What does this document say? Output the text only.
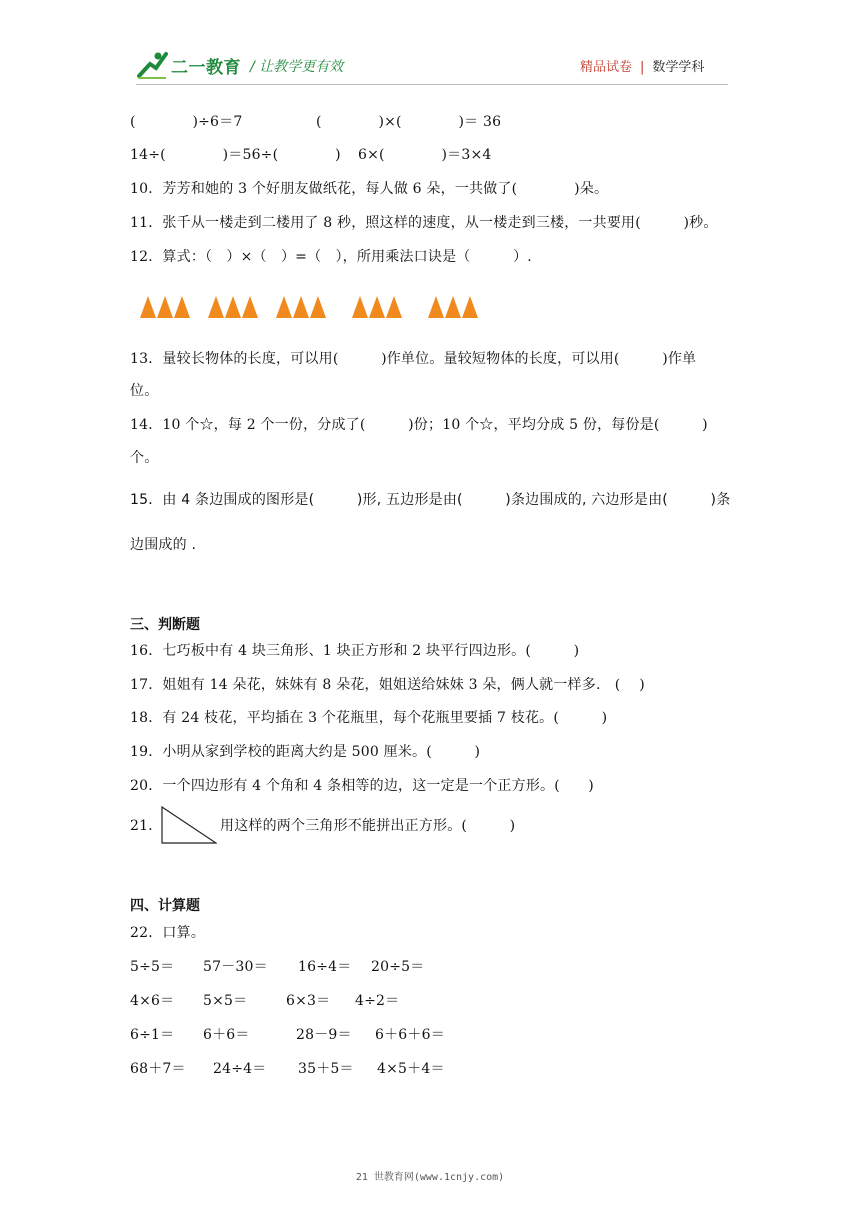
二一教育 / 让教学更有效	精品试卷 | 数学学科
(　　　　)÷6＝7	(　　　　)×(　　　　)＝ 36
14÷(　　　　)＝56÷(　　　　) 6×(　　　　)＝3×4
10．芳芳和她的 3 个好朋友做纸花，每人做 6 朵，一共做了(　　　　)朵。
11．张千从一楼走到二楼用了 8 秒，照这样的速度，从一楼走到三楼，一共要用(　　　)秒。
12．算式：（　）×（　）=（　），所用乘法口诀是（　　　）.
13．量较长物体的长度，可以用(　　　)作单位。量较短物体的长度，可以用(　　　)作单
位。
14．10 个☆，每 2 个一份，分成了(　　　)份；10 个☆，平均分成 5 份，每份是(　　　)
个。
15．由 4 条边围成的图形是(　　　)形, 五边形是由(　　　)条边围成的, 六边形是由(　　　)条
边围成的 .
三、判断题
16．七巧板中有 4 块三角形、1 块正方形和 2 块平行四边形。(　　　)
17．姐姐有 14 朵花，妹妹有 8 朵花，姐姐送给妹妹 3 朵，俩人就一样多.　(　 )
18．有 24 枝花，平均插在 3 个花瓶里，每个花瓶里要插 7 枝花。(　　　)
19．小明从家到学校的距离大约是 500 厘米。(　　　)
20．一个四边形有 4 个角和 4 条相等的边，这一定是一个正方形。(　　)
21．	用这样的两个三角形不能拼出正方形。(　　　)
四、计算题
22．口算。
5÷5＝ 57－30＝ 16÷4＝ 20÷5＝
4×6＝ 5×5＝	6×3＝ 4÷2＝
6÷1＝ 6＋6＝	28－9＝ 6＋6＋6＝
68＋7＝ 24÷4＝ 35＋5＝ 4×5＋4＝
21 世教育网(www.1cnjy.com)
